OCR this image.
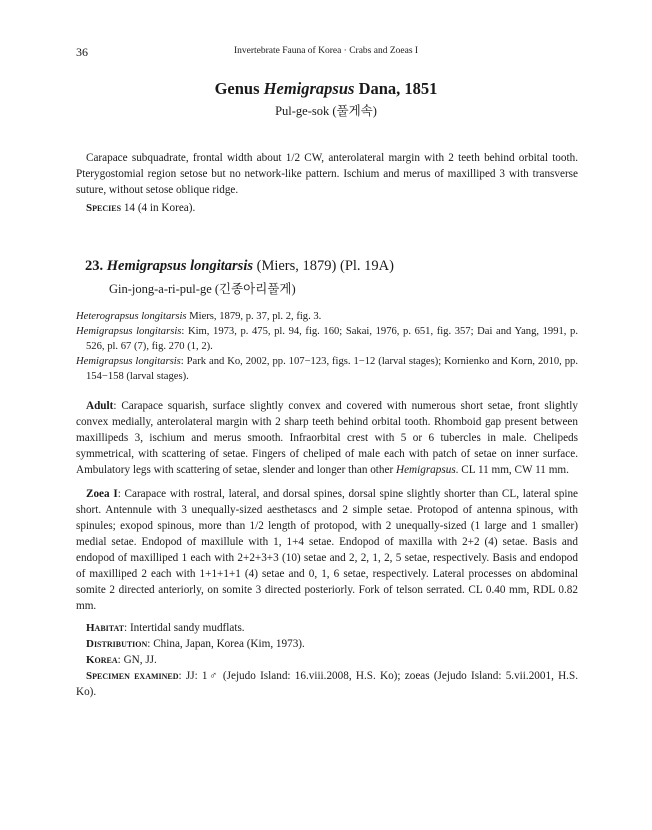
36	Invertebrate Fauna of Korea · Crabs and Zoeas I
Genus Hemigrapsus Dana, 1851
Pul-ge-sok (풀게속)

Carapace subquadrate, frontal width about 1/2 CW, anterolateral margin with 2 teeth behind orbital tooth. Pterygostomial region setose but no network-like pattern. Ischium and merus of maxilliped 3 with transverse suture, without setose oblique ridge.

Species 14 (4 in Korea).

23. Hemigrapsus longitarsis (Miers, 1879) (Pl. 19A)
Gin-jong-a-ri-pul-ge (긴종아리풀게)

Heterograpsus longitarsis Miers, 1879, p. 37, pl. 2, fig. 3.

Hemigrapsus longitarsis: Kim, 1973, p. 475, pl. 94, fig. 160; Sakai, 1976, p. 651, fig. 357; Dai and Yang, 1991, p. 526, pl. 67 (7), fig. 270 (1, 2).

Hemigrapsus longitarsis: Park and Ko, 2002, pp. 107−123, figs. 1−12 (larval stages); Kornienko and Korn, 2010, pp. 154−158 (larval stages).

Adult: Carapace squarish, surface slightly convex and covered with numerous short setae, front slightly convex medially, anterolateral margin with 2 sharp teeth behind orbital tooth. Rhomboid gap present between maxillipeds 3, ischium and merus smooth. Infraorbital crest with 5 or 6 tubercles in male. Chelipeds symmetrical, with scattering of setae. Fingers of cheliped of male each with patch of setae on inner surface. Ambulatory legs with scattering of setae, slender and longer than other Hemigrapsus. CL 11 mm, CW 11 mm.

Zoea I: Carapace with rostral, lateral, and dorsal spines, dorsal spine slightly shorter than CL, lateral spine short. Antennule with 3 unequally-sized aesthetascs and 2 simple setae. Protopod of antenna spinous, with spinules; exopod spinous, more than 1/2 length of protopod, with 2 unequally-sized (1 large and 1 smaller) medial setae. Endopod of maxillule with 1, 1+4 setae. Endopod of maxilla with 2+2 (4) setae. Basis and endopod of maxilliped 1 each with 2+2+3+3 (10) setae and 2, 2, 1, 2, 5 setae, respectively. Basis and endopod of maxilliped 2 each with 1+1+1+1 (4) setae and 0, 1, 6 setae, respectively. Lateral processes on abdominal somite 2 directed anteriorly, on somite 3 directed posteriorly. Fork of telson serrated. CL 0.40 mm, RDL 0.82 mm.

Habitat: Intertidal sandy mudflats.
Distribution: China, Japan, Korea (Kim, 1973).
Korea: GN, JJ.
Specimen examined: JJ: 1♂ (Jejudo Island: 16.viii.2008, H.S. Ko); zoeas (Jejudo Island: 5.vii.2001, H.S. Ko).
